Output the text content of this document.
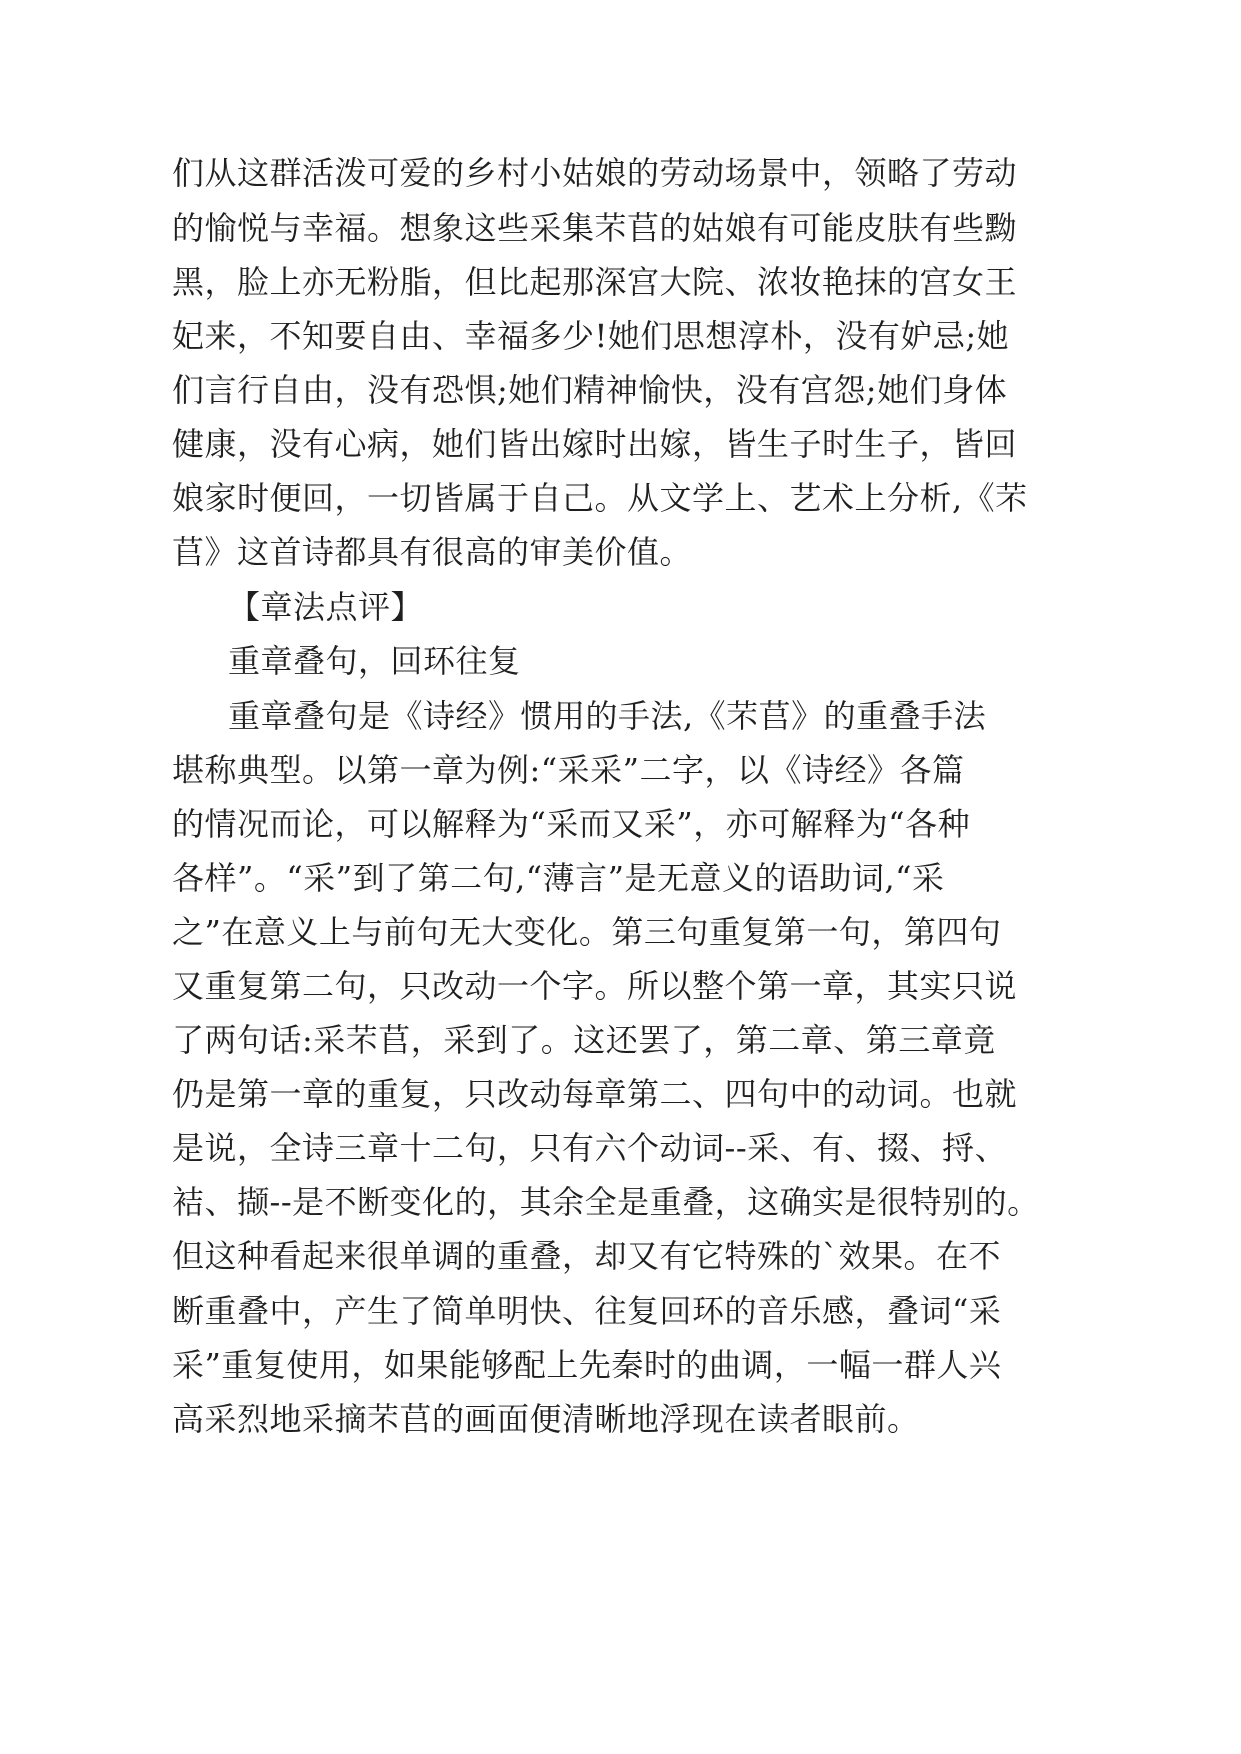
们从这群活泼可爱的乡村小姑娘的劳动场景中，领略了劳动
的愉悦与幸福。想象这些采集芣苢的姑娘有可能皮肤有些黝
黑，脸上亦无粉脂，但比起那深宫大院、浓妆艳抹的宫女王
妃来，不知要自由、幸福多少!她们思想淳朴，没有妒忌;她
们言行自由，没有恐惧;她们精神愉快，没有宫怨;她们身体
健康，没有心病，她们皆出嫁时出嫁，皆生子时生子，皆回
娘家时便回，一切皆属于自己。从文学上、艺术上分析,《芣
苢》这首诗都具有很高的审美价值。
【章法点评】
重章叠句，回环往复
重章叠句是《诗经》惯用的手法,《芣苢》的重叠手法
堪称典型。以第一章为例:“采采”二字，以《诗经》各篇
的情况而论，可以解释为“采而又采”，亦可解释为“各种
各样”。“采”到了第二句,“薄言”是无意义的语助词,“采
之”在意义上与前句无大变化。第三句重复第一句，第四句
又重复第二句，只改动一个字。所以整个第一章，其实只说
了两句话:采芣苢，采到了。这还罢了，第二章、第三章竟
仍是第一章的重复，只改动每章第二、四句中的动词。也就
是说，全诗三章十二句，只有六个动词--采、有、掇、捋、
袺、撷--是不断变化的，其余全是重叠，这确实是很特别的。
但这种看起来很单调的重叠，却又有它特殊的`效果。在不
断重叠中，产生了简单明快、往复回环的音乐感，叠词“采
采”重复使用，如果能够配上先秦时的曲调，一幅一群人兴
高采烈地采摘芣苢的画面便清晰地浮现在读者眼前。
